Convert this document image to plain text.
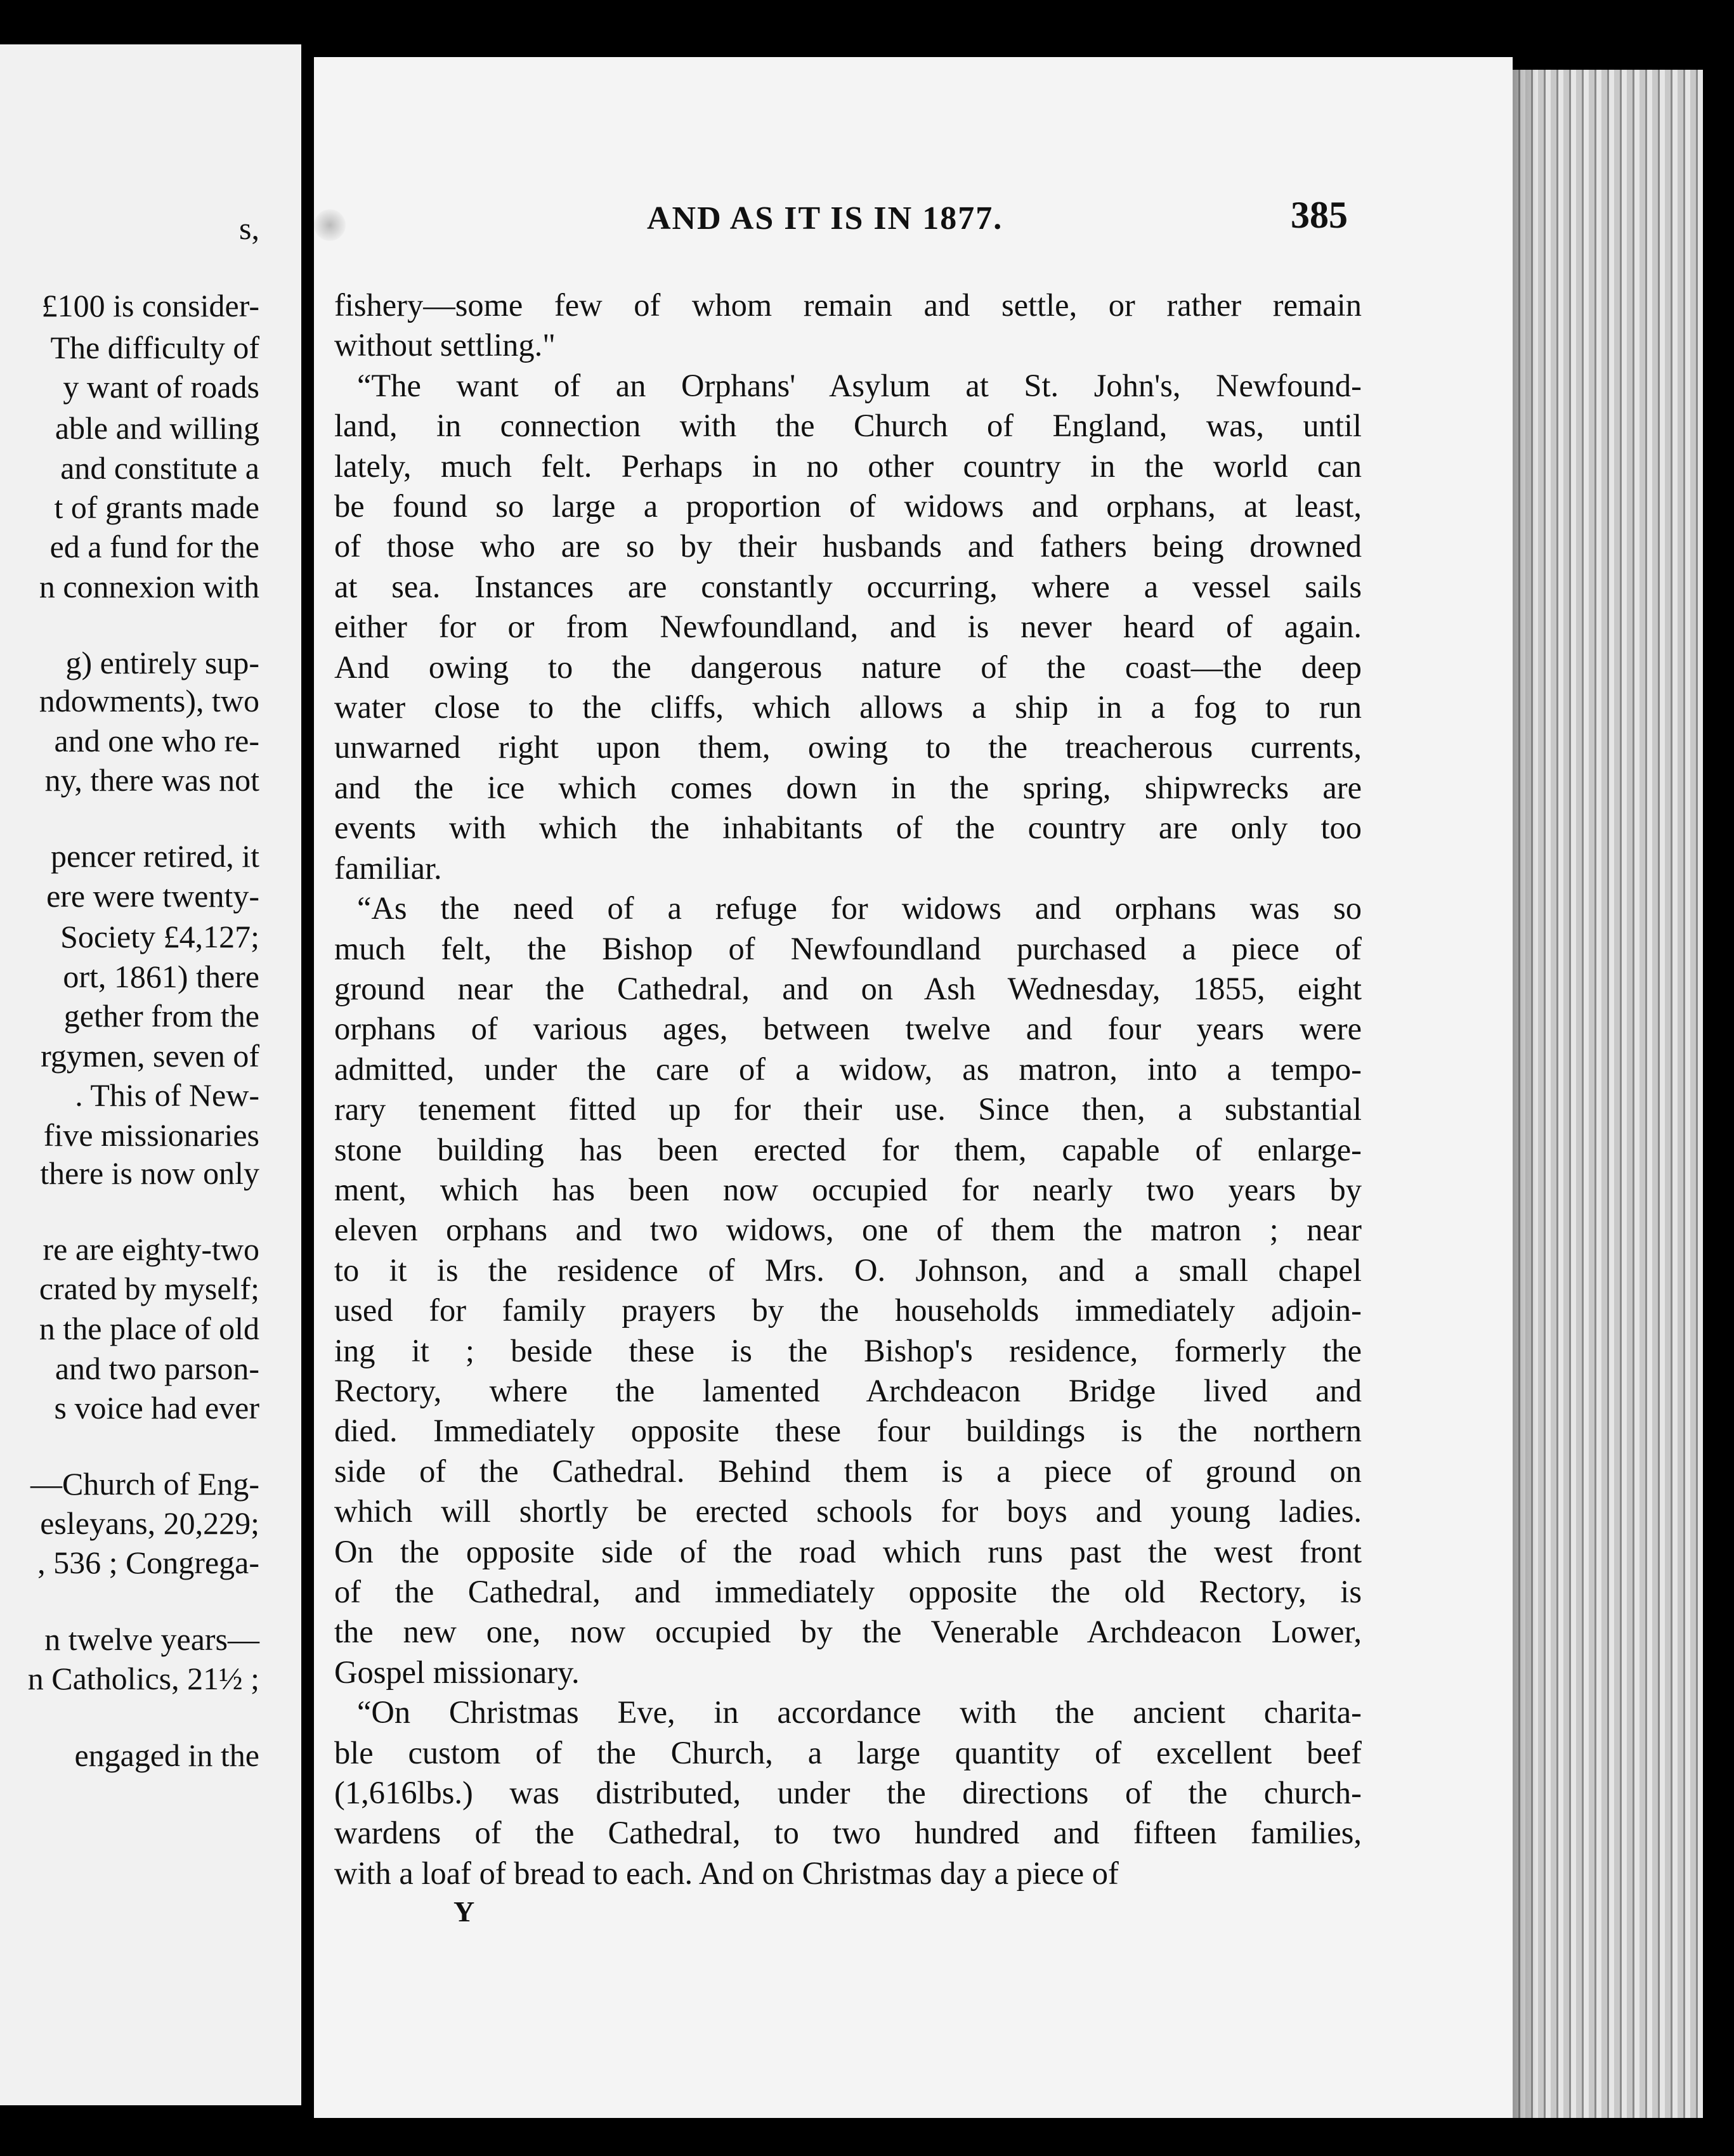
s,
£100 is consider-
The difficulty of
y want of roads
able and willing
and constitute a
t of grants made
ed a fund for the
n connexion with
g) entirely sup-
ndowments), two
and one who re-
ny, there was not
pencer retired, it
ere were twenty-
Society £4,127;
ort, 1861) there
gether from the
rgymen, seven of
. This of New-
five missionaries
there is now only
re are eighty-two
crated by myself;
n the place of old
and two parson-
s voice had ever
—Church of Eng-
esleyans, 20,229;
, 536 ; Congrega-
n twelve years—
n Catholics, 21½ ;
engaged in the
AND AS IT IS IN 1877.	385

fishery—some few of whom remain and settle, or rather remain
without settling."

“The want of an Orphans' Asylum at St. John's, Newfound-
land, in connection with the Church of England, was, until
lately, much felt. Perhaps in no other country in the world can
be found so large a proportion of widows and orphans, at least,
of those who are so by their husbands and fathers being drowned
at sea. Instances are constantly occurring, where a vessel sails
either for or from Newfoundland, and is never heard of again.
And owing to the dangerous nature of the coast—the deep
water close to the cliffs, which allows a ship in a fog to run
unwarned right upon them, owing to the treacherous currents,
and the ice which comes down in the spring, shipwrecks are
events with which the inhabitants of the country are only too
familiar.

“As the need of a refuge for widows and orphans was so
much felt, the Bishop of Newfoundland purchased a piece of
ground near the Cathedral, and on Ash Wednesday, 1855, eight
orphans of various ages, between twelve and four years were
admitted, under the care of a widow, as matron, into a tempo-
rary tenement fitted up for their use. Since then, a substantial
stone building has been erected for them, capable of enlarge-
ment, which has been now occupied for nearly two years by
eleven orphans and two widows, one of them the matron ; near
to it is the residence of Mrs. O. Johnson, and a small chapel
used for family prayers by the households immediately adjoin-
ing it ; beside these is the Bishop's residence, formerly the
Rectory, where the lamented Archdeacon Bridge lived and
died. Immediately opposite these four buildings is the northern
side of the Cathedral. Behind them is a piece of ground on
which will shortly be erected schools for boys and young ladies.
On the opposite side of the road which runs past the west front
of the Cathedral, and immediately opposite the old Rectory, is
the new one, now occupied by the Venerable Archdeacon Lower,
Gospel missionary.

“On Christmas Eve, in accordance with the ancient charita-
ble custom of the Church, a large quantity of excellent beef
(1,616lbs.) was distributed, under the directions of the church-
wardens of the Cathedral, to two hundred and fifteen families,
with a loaf of bread to each. And on Christmas day a piece of

Y
